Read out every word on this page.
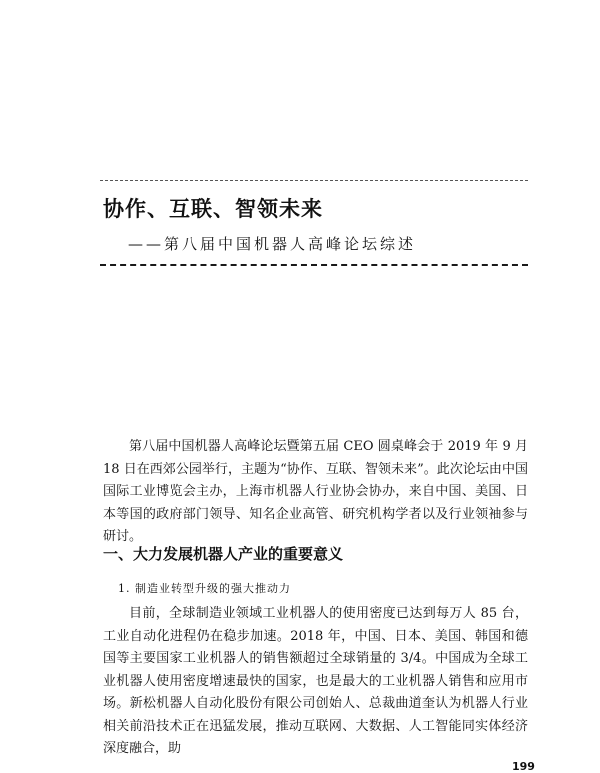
协作、互联、智领未来
——第八届中国机器人高峰论坛综述

第八届中国机器人高峰论坛暨第五届 CEO 圆桌峰会于 2019 年 9 月 18 日在西郊公园举行，主题为“协作、互联、智领未来”。此次论坛由中国国际工业博览会主办，上海市机器人行业协会协办，来自中国、美国、日本等国的政府部门领导、知名企业高管、研究机构学者以及行业领袖参与研讨。

一、大力发展机器人产业的重要意义
1. 制造业转型升级的强大推动力

目前，全球制造业领域工业机器人的使用密度已达到每万人 85 台，工业自动化进程仍在稳步加速。2018 年，中国、日本、美国、韩国和德国等主要国家工业机器人的销售额超过全球销量的 3/4。中国成为全球工业机器人使用密度增速最快的国家，也是最大的工业机器人销售和应用市场。新松机器人自动化股份有限公司创始人、总裁曲道奎认为机器人行业相关前沿技术正在迅猛发展，推动互联网、大数据、人工智能同实体经济深度融合，助

199
